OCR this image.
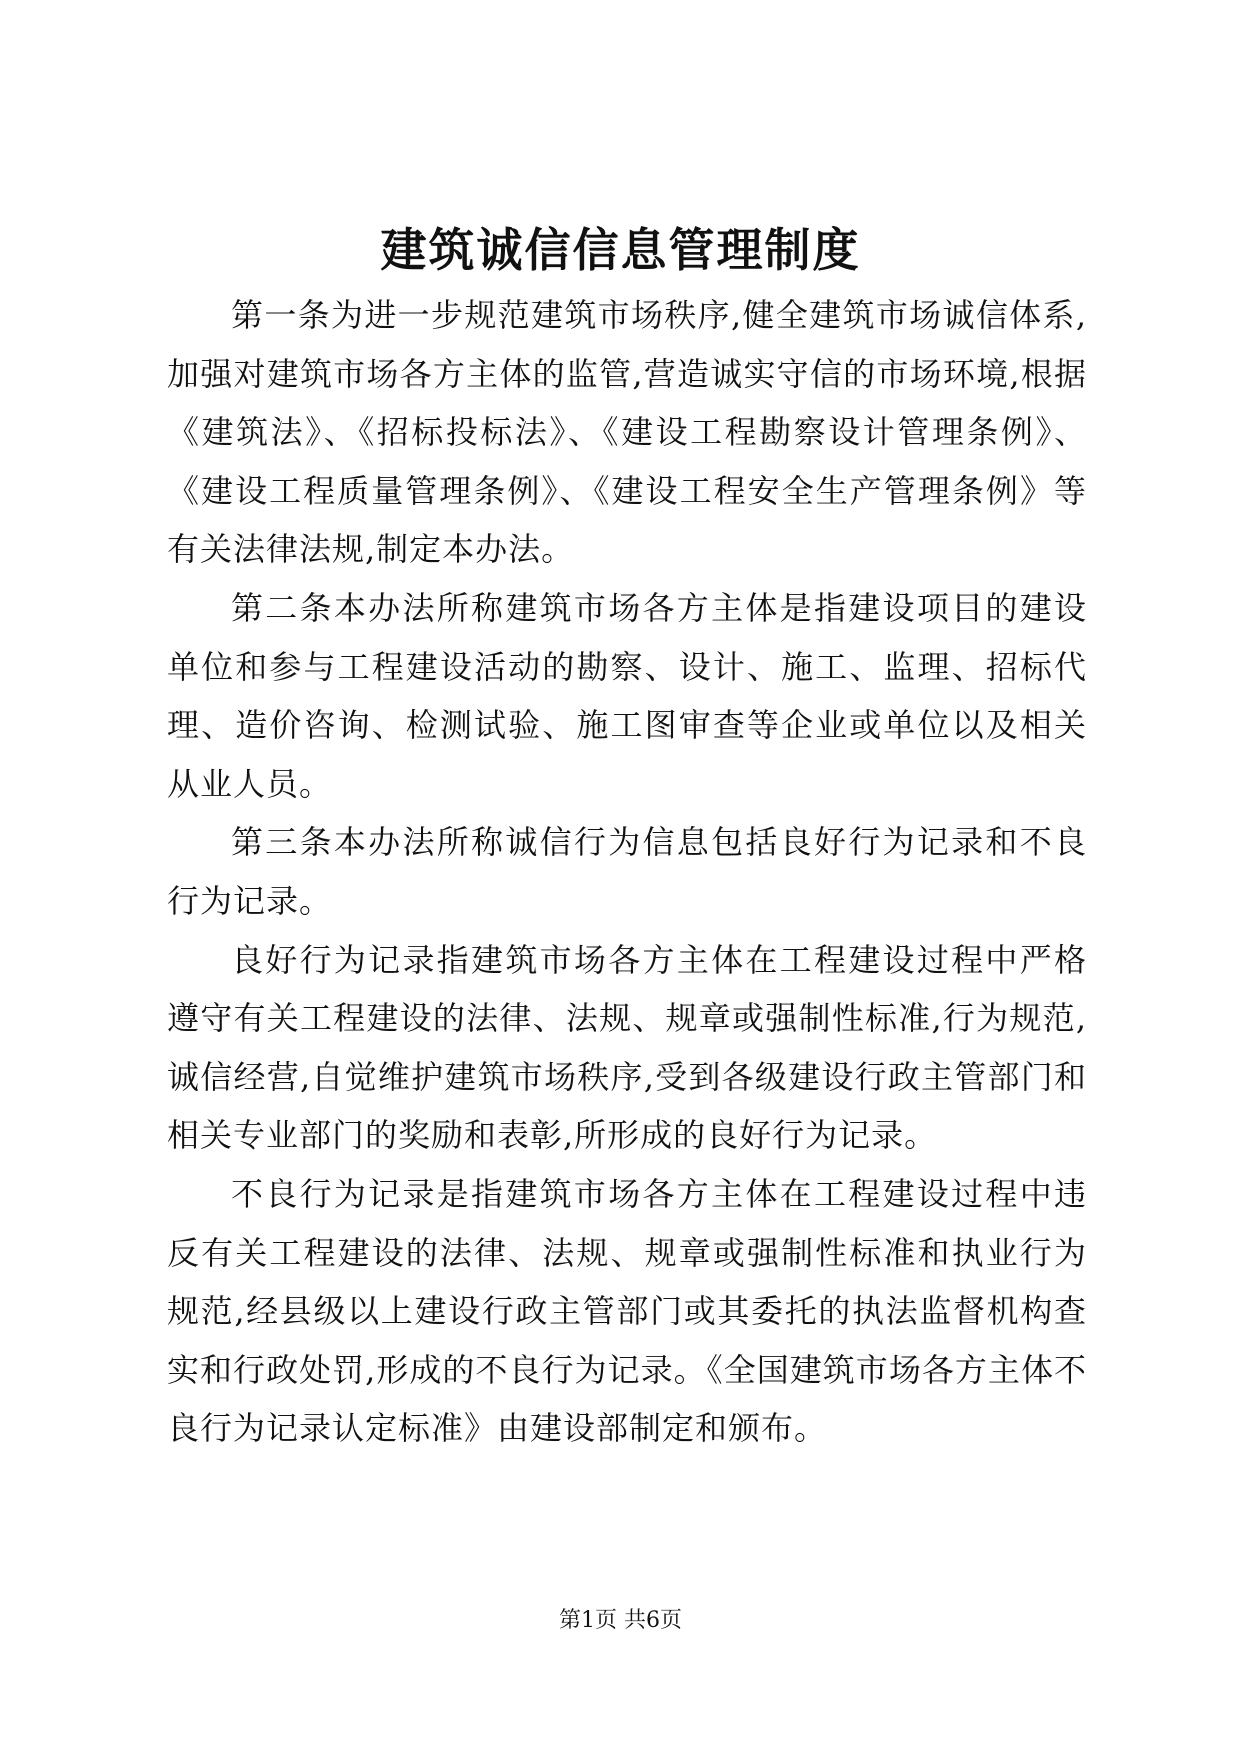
建筑诚信信息管理制度

第一条为进一步规范建筑市场秩序,健全建筑市场诚信体系,加强对建筑市场各方主体的监管,营造诚实守信的市场环境,根据《建筑法》、《招标投标法》、《建设工程勘察设计管理条例》、《建设工程质量管理条例》、《建设工程安全生产管理条例》等有关法律法规,制定本办法。

第二条本办法所称建筑市场各方主体是指建设项目的建设单位和参与工程建设活动的勘察、设计、施工、监理、招标代理、造价咨询、检测试验、施工图审查等企业或单位以及相关从业人员。

第三条本办法所称诚信行为信息包括良好行为记录和不良行为记录。

良好行为记录指建筑市场各方主体在工程建设过程中严格遵守有关工程建设的法律、法规、规章或强制性标准,行为规范,诚信经营,自觉维护建筑市场秩序,受到各级建设行政主管部门和相关专业部门的奖励和表彰,所形成的良好行为记录。

不良行为记录是指建筑市场各方主体在工程建设过程中违反有关工程建设的法律、法规、规章或强制性标准和执业行为规范,经县级以上建设行政主管部门或其委托的执法监督机构查实和行政处罚,形成的不良行为记录。《全国建筑市场各方主体不良行为记录认定标准》由建设部制定和颁布。

第1页 共6页
